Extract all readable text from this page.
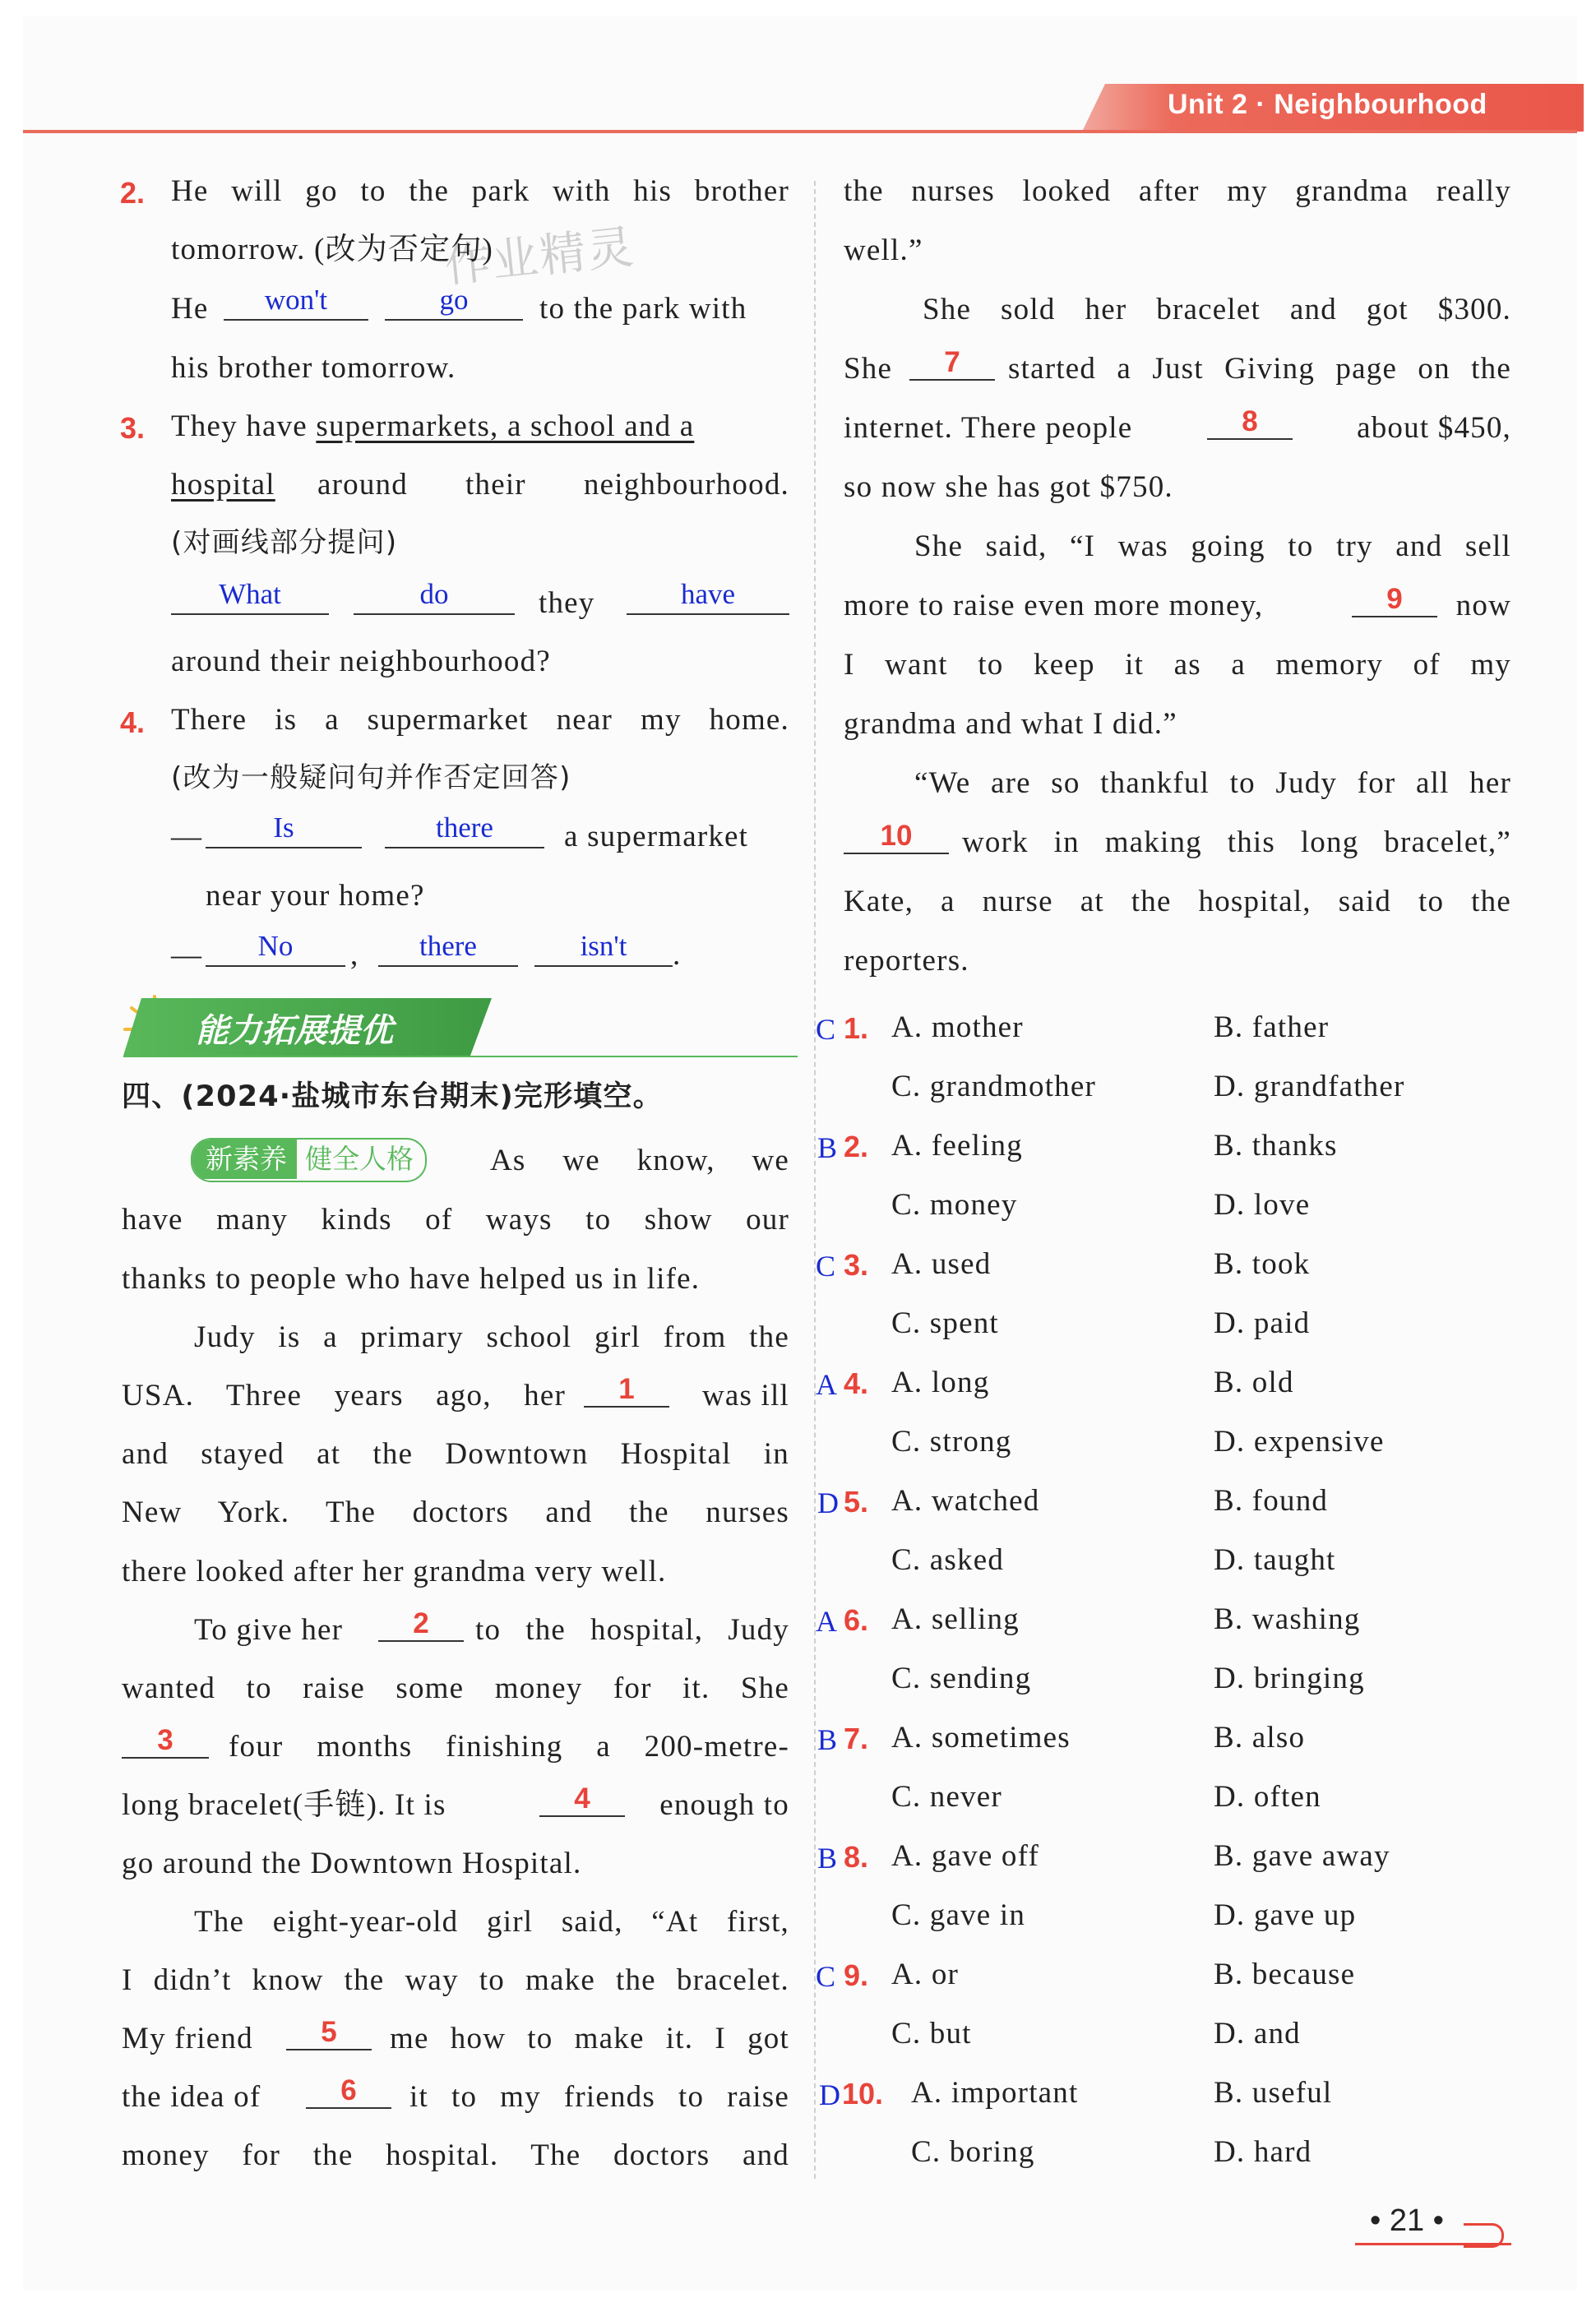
Unit 2 · Neighbourhood
作业精灵
2. He will go to the park with his brother
tomorrow. (改为否定句)
He	won't	go	to the park with
his brother tomorrow.
3. They have supermarkets, a school and a
hospital around their neighbourhood.
(对画线部分提问)
What	do	they	have
around their neighbourhood?
4. There is a supermarket near my home.
(改为一般疑问句并作否定回答)
—	Is	there	a supermarket
near your home?
—	No	,	there	isn't	.
能力拓展提优
四、(2024·盐城市东台期末)完形填空。
新素养 健全人格	As we know, we
have many kinds of ways to show our
thanks to people who have helped us in life.
Judy is a primary school girl from the
USA. Three years ago, her	1	was ill
and stayed at the Downtown Hospital in
New York. The doctors and the nurses
there looked after her grandma very well.
To give her	2	to the hospital, Judy
wanted to raise some money for it. She
3	four months finishing a 200-metre-
long bracelet(手链). It is	4	enough to
go around the Downtown Hospital.
The eight-year-old girl said, “At first,
I didn’t know the way to make the bracelet.
My friend	5	me how to make it. I got
the idea of	6	it to my friends to raise
money for the hospital. The doctors and
the nurses looked after my grandma really
well.”
She sold her bracelet and got $300.
She	7	started a Just Giving page on the
internet. There people	8	about $450,
so now she has got $750.
She said, “I was going to try and sell
more to raise even more money,	9	now
I want to keep it as a memory of my
grandma and what I did.”
“We are so thankful to Judy for all her
10	work in making this long bracelet,”
Kate, a nurse at the hospital, said to the
reporters.
C 1. A. mother	B. father
C. grandmother	D. grandfather
B 2. A. feeling	B. thanks
C. money	D. love
C 3. A. used	B. took
C. spent	D. paid
A 4. A. long	B. old
C. strong	D. expensive
D 5. A. watched	B. found
C. asked	D. taught
A 6. A. selling	B. washing
C. sending	D. bringing
B 7. A. sometimes	B. also
C. never	D. often
B 8. A. gave off	B. gave away
C. gave in	D. gave up
C 9. A. or	B. because
C. but	D. and
D 10. A. important	B. useful
C. boring	D. hard
• 21 •
